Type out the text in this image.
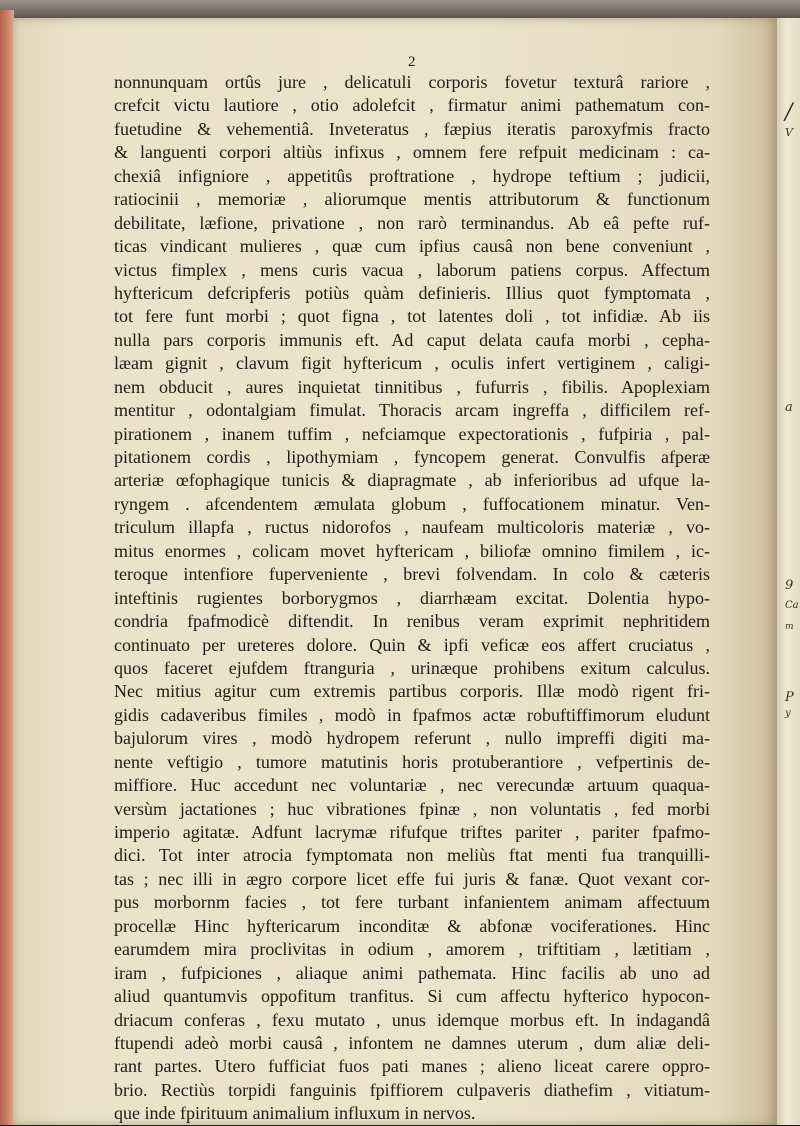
/
V
a
9
Ca
m
P
y
2
nonnunquam ortûs jure , delicatuli corporis fovetur texturâ rariore ,
crefcit victu lautiore , otio adolefcit , firmatur animi pathematum con-
fuetudine & vehementiâ. Inveteratus , fæpius iteratis paroxyfmis fracto
& languenti corpori altiùs infixus , omnem fere refpuit medicinam : ca-
chexiâ infigniore , appetitûs proftratione , hydrope teftium ; judicii,
ratiocinii , memoriæ , aliorumque mentis attributorum & functionum
debilitate, læfione, privatione , non rarò terminandus. Ab eâ pefte ruf-
ticas vindicant mulieres , quæ cum ipfius causâ non bene conveniunt ,
victus fimplex , mens curis vacua , laborum patiens corpus. Affectum
hyftericum defcripferis potiùs quàm definieris. Illius quot fymptomata ,
tot fere funt morbi ; quot figna , tot latentes doli , tot infidiæ. Ab iis
nulla pars corporis immunis eft. Ad caput delata caufa morbi , cepha-
læam gignit , clavum figit hyftericum , oculis infert vertiginem , caligi-
nem obducit , aures inquietat tinnitibus , fufurris , fibilis. Apoplexiam
mentitur , odontalgiam fimulat. Thoracis arcam ingreffa , difficilem ref-
pirationem , inanem tuffim , nefciamque expectorationis , fufpiria , pal-
pitationem cordis , lipothymiam , fyncopem generat. Convulfis afperæ
arteriæ œfophagique tunicis & diapragmate , ab inferioribus ad ufque la-
ryngem . afcendentem æmulata globum , fuffocationem minatur. Ven-
triculum illapfa , ructus nidorofos , naufeam multicoloris materiæ , vo-
mitus enormes , colicam movet hyftericam , biliofæ omnino fimilem , ic-
teroque intenfiore fuperveniente , brevi folvendam. In colo & cæteris
inteftinis rugientes borborygmos , diarrhæam excitat. Dolentia hypo-
condria fpafmodicè diftendit. In renibus veram exprimit nephritidem
continuato per ureteres dolore. Quin & ipfi veficæ eos affert cruciatus ,
quos faceret ejufdem ftranguria , urinæque prohibens exitum calculus.
Nec mitius agitur cum extremis partibus corporis. Illæ modò rigent fri-
gidis cadaveribus fimiles , modò in fpafmos actæ robuftiffimorum eludunt
bajulorum vires , modò hydropem referunt , nullo impreffi digiti ma-
nente veftigio , tumore matutinis horis protuberantiore , vefpertinis de-
miffiore. Huc accedunt nec voluntariæ , nec verecundæ artuum quaqua-
versùm jactationes ; huc vibrationes fpinæ , non voluntatis , fed morbi
imperio agitatæ. Adfunt lacrymæ rifufque triftes pariter , pariter fpafmo-
dici. Tot inter atrocia fymptomata non meliùs ftat menti fua tranquilli-
tas ; nec illi in ægro corpore licet effe fui juris & fanæ. Quot vexant cor-
pus morbornm facies , tot fere turbant infanientem animam affectuum
procellæ Hinc hyftericarum inconditæ & abfonæ vociferationes. Hinc
earumdem mira proclivitas in odium , amorem , triftitiam , lætitiam ,
iram , fufpiciones , aliaque animi pathemata. Hinc facilis ab uno ad
aliud quantumvis oppofitum tranfitus. Si cum affectu hyfterico hypocon-
driacum conferas , fexu mutato , unus idemque morbus eft. In indagandâ
ftupendi adeò morbi causâ , infontem ne damnes uterum , dum aliæ deli-
rant partes. Utero fufficiat fuos pati manes ; alieno liceat carere oppro-
brio. Rectiùs torpidi fanguinis fpiffiorem culpaveris diathefim , vitiatum-
que inde fpirituum animalium influxum in nervos.
